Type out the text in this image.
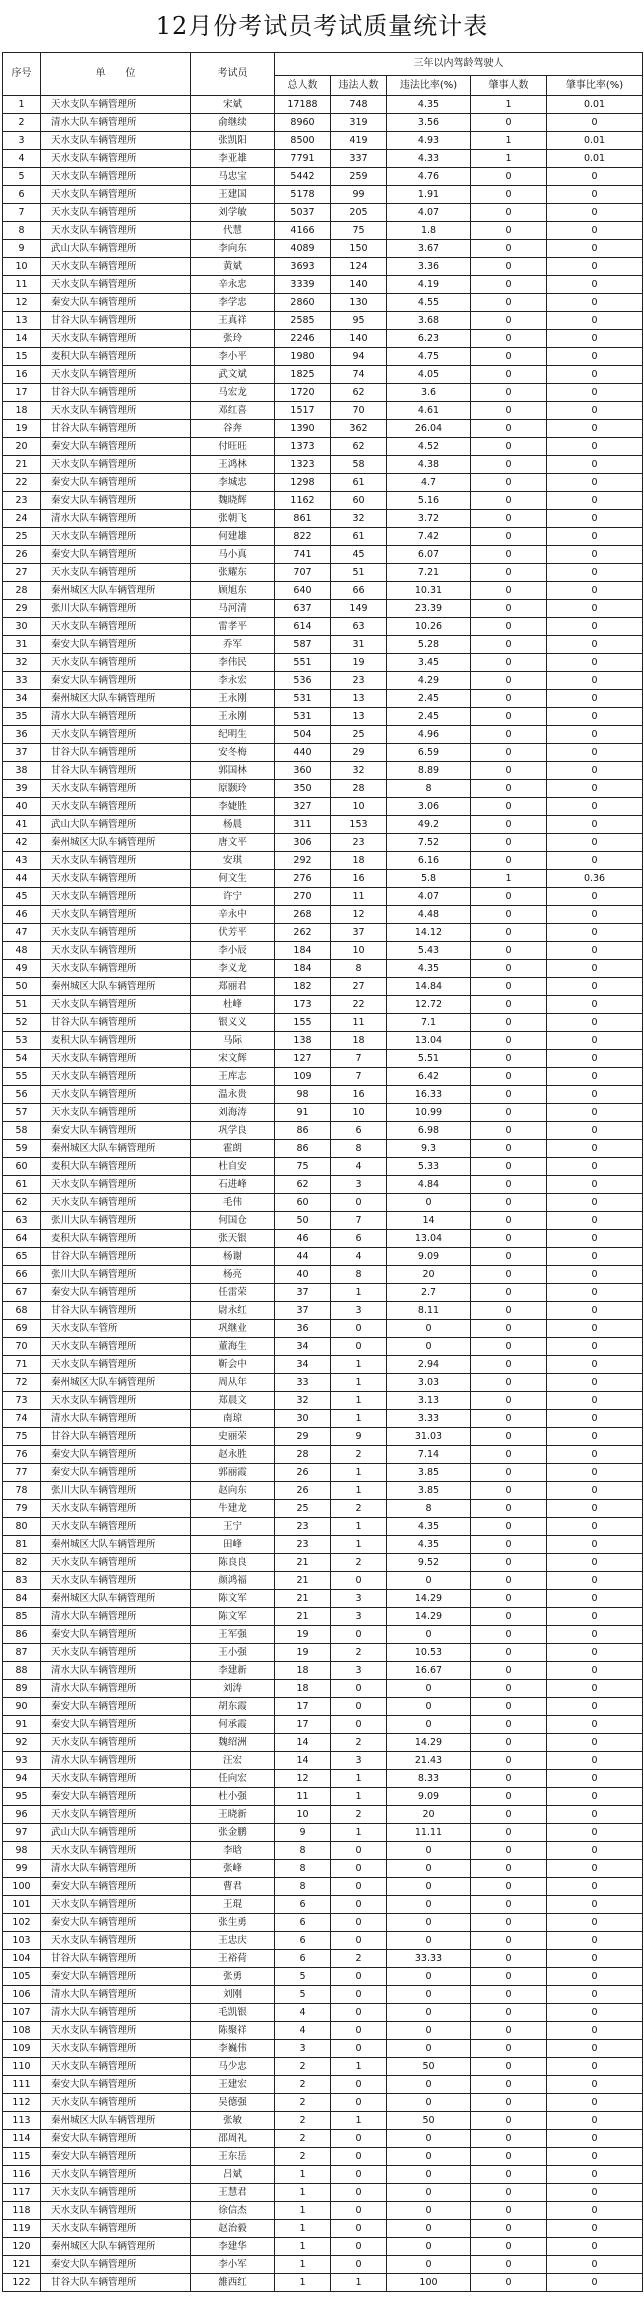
12月份考试员考试质量统计表
序号	单　　位	考试员	三年以内驾龄驾驶人				
			总人数	违法人数	违法比率(%)	肇事人数	肇事比率(%)
1	天水支队车辆管理所	宋斌	17188	748	4.35	1	0.01
2	清水大队车辆管理所	俞继续	8960	319	3.56	0	0
3	天水支队车辆管理所	张凯阳	8500	419	4.93	1	0.01
4	天水支队车辆管理所	李亚雄	7791	337	4.33	1	0.01
5	天水支队车辆管理所	马忠宝	5442	259	4.76	0	0
6	天水支队车辆管理所	王建国	5178	99	1.91	0	0
7	天水支队车辆管理所	刘学敏	5037	205	4.07	0	0
8	天水支队车辆管理所	代慧	4166	75	1.8	0	0
9	武山大队车辆管理所	李向东	4089	150	3.67	0	0
10	天水支队车辆管理所	黄斌	3693	124	3.36	0	0
11	天水支队车辆管理所	辛永忠	3339	140	4.19	0	0
12	秦安大队车辆管理所	李学忠	2860	130	4.55	0	0
13	甘谷大队车辆管理所	王真祥	2585	95	3.68	0	0
14	天水支队车辆管理所	张玲	2246	140	6.23	0	0
15	麦积大队车辆管理所	李小平	1980	94	4.75	0	0
16	天水支队车辆管理所	武文斌	1825	74	4.05	0	0
17	甘谷大队车辆管理所	马宏龙	1720	62	3.6	0	0
18	天水支队车辆管理所	邓红喜	1517	70	4.61	0	0
19	甘谷大队车辆管理所	谷奔	1390	362	26.04	0	0
20	秦安大队车辆管理所	付旺旺	1373	62	4.52	0	0
21	天水支队车辆管理所	王鸿林	1323	58	4.38	0	0
22	秦安大队车辆管理所	李城忠	1298	61	4.7	0	0
23	秦安大队车辆管理所	魏晓辉	1162	60	5.16	0	0
24	清水大队车辆管理所	张朝飞	861	32	3.72	0	0
25	天水支队车辆管理所	何建雄	822	61	7.42	0	0
26	秦安大队车辆管理所	马小真	741	45	6.07	0	0
27	天水支队车辆管理所	张耀东	707	51	7.21	0	0
28	秦州城区大队车辆管理所	顾旭东	640	66	10.31	0	0
29	张川大队车辆管理所	马河清	637	149	23.39	0	0
30	天水支队车辆管理所	雷孝平	614	63	10.26	0	0
31	秦安大队车辆管理所	乔军	587	31	5.28	0	0
32	天水支队车辆管理所	李伟民	551	19	3.45	0	0
33	秦安大队车辆管理所	李永宏	536	23	4.29	0	0
34	秦州城区大队车辆管理所	王永刚	531	13	2.45	0	0
35	清水大队车辆管理所	王永刚	531	13	2.45	0	0
36	天水支队车辆管理所	纪明生	504	25	4.96	0	0
37	甘谷大队车辆管理所	安冬梅	440	29	6.59	0	0
38	甘谷大队车辆管理所	郭国林	360	32	8.89	0	0
39	天水支队车辆管理所	原颢玲	350	28	8	0	0
40	天水支队车辆管理所	李婕胜	327	10	3.06	0	0
41	武山大队车辆管理所	杨晨	311	153	49.2	0	0
42	秦州城区大队车辆管理所	唐文平	306	23	7.52	0	0
43	天水支队车辆管理所	安琪	292	18	6.16	0	0
44	天水支队车辆管理所	何文生	276	16	5.8	1	0.36
45	天水支队车辆管理所	许宁	270	11	4.07	0	0
46	天水支队车辆管理所	辛永中	268	12	4.48	0	0
47	天水支队车辆管理所	伏芳平	262	37	14.12	0	0
48	天水支队车辆管理所	李小辰	184	10	5.43	0	0
49	天水支队车辆管理所	李义龙	184	8	4.35	0	0
50	秦州城区大队车辆管理所	郑丽君	182	27	14.84	0	0
51	天水支队车辆管理所	杜峰	173	22	12.72	0	0
52	甘谷大队车辆管理所	银义义	155	11	7.1	0	0
53	麦积大队车辆管理所	马际	138	18	13.04	0	0
54	天水支队车辆管理所	宋文辉	127	7	5.51	0	0
55	天水支队车辆管理所	王库志	109	7	6.42	0	0
56	天水支队车辆管理所	温永贵	98	16	16.33	0	0
57	天水支队车辆管理所	刘海涛	91	10	10.99	0	0
58	秦安大队车辆管理所	巩学良	86	6	6.98	0	0
59	秦州城区大队车辆管理所	霍朗	86	8	9.3	0	0
60	麦积大队车辆管理所	杜自安	75	4	5.33	0	0
61	天水支队车辆管理所	石进峰	62	3	4.84	0	0
62	天水支队车辆管理所	毛伟	60	0	0	0	0
63	张川大队车辆管理所	何国仓	50	7	14	0	0
64	麦积大队车辆管理所	张天银	46	6	13.04	0	0
65	甘谷大队车辆管理所	杨谢	44	4	9.09	0	0
66	张川大队车辆管理所	杨亮	40	8	20	0	0
67	秦安大队车辆管理所	任雷荣	37	1	2.7	0	0
68	甘谷大队车辆管理所	尉永红	37	3	8.11	0	0
69	天水支队车管所	巩继业	36	0	0	0	0
70	天水支队车辆管理所	董海生	34	0	0	0	0
71	天水支队车辆管理所	靳会中	34	1	2.94	0	0
72	秦州城区大队车辆管理所	周从年	33	1	3.03	0	0
73	天水支队车辆管理所	郑晨文	32	1	3.13	0	0
74	清水大队车辆管理所	南琼	30	1	3.33	0	0
75	甘谷大队车辆管理所	史丽荣	29	9	31.03	0	0
76	秦安大队车辆管理所	赵永胜	28	2	7.14	0	0
77	秦安大队车辆管理所	郭丽霞	26	1	3.85	0	0
78	张川大队车辆管理所	赵向东	26	1	3.85	0	0
79	天水支队车辆管理所	牛建龙	25	2	8	0	0
80	天水支队车辆管理所	王宁	23	1	4.35	0	0
81	秦州城区大队车辆管理所	田峰	23	1	4.35	0	0
82	天水支队车辆管理所	陈良良	21	2	9.52	0	0
83	天水支队车辆管理所	颜鸿福	21	0	0	0	0
84	秦州城区大队车辆管理所	陈文军	21	3	14.29	0	0
85	清水大队车辆管理所	陈文军	21	3	14.29	0	0
86	秦安大队车辆管理所	王军强	19	0	0	0	0
87	天水支队车辆管理所	王小强	19	2	10.53	0	0
88	清水大队车辆管理所	李建新	18	3	16.67	0	0
89	清水大队车辆管理所	刘涛	18	0	0	0	0
90	秦安大队车辆管理所	胡东霞	17	0	0	0	0
91	秦安大队车辆管理所	何承霞	17	0	0	0	0
92	天水支队车辆管理所	魏绍洲	14	2	14.29	0	0
93	清水大队车辆管理所	汪宏	14	3	21.43	0	0
94	天水支队车辆管理所	任向宏	12	1	8.33	0	0
95	秦安大队车辆管理所	杜小强	11	1	9.09	0	0
96	天水支队车辆管理所	王晓新	10	2	20	0	0
97	武山大队车辆管理所	张金鹏	9	1	11.11	0	0
98	天水支队车辆管理所	李晗	8	0	0	0	0
99	清水大队车辆管理所	张峰	8	0	0	0	0
100	秦安大队车辆管理所	曹君	8	0	0	0	0
101	天水支队车辆管理所	王琨	6	0	0	0	0
102	秦安大队车辆管理所	张生勇	6	0	0	0	0
103	天水支队车辆管理所	王忠庆	6	0	0	0	0
104	甘谷大队车辆管理所	王裕荷	6	2	33.33	0	0
105	秦安大队车辆管理所	张勇	5	0	0	0	0
106	清水大队车辆管理所	刘刚	5	0	0	0	0
107	清水大队车辆管理所	毛凯银	4	0	0	0	0
108	天水支队车辆管理所	陈聚祥	4	0	0	0	0
109	天水支队车辆管理所	李巍伟	3	0	0	0	0
110	天水支队车辆管理所	马少忠	2	1	50	0	0
111	秦安大队车辆管理所	王建宏	2	0	0	0	0
112	天水支队车辆管理所	吴德强	2	0	0	0	0
113	秦州城区大队车辆管理所	张敏	2	1	50	0	0
114	秦安大队车辆管理所	邵周礼	2	0	0	0	0
115	秦安大队车辆管理所	王东岳	2	0	0	0	0
116	天水支队车辆管理所	吕斌	1	0	0	0	0
117	天水支队车辆管理所	王慧君	1	0	0	0	0
118	天水支队车辆管理所	徐信杰	1	0	0	0	0
119	天水支队车辆管理所	赵治毅	1	0	0	0	0
120	秦州城区大队车辆管理所	李建华	1	0	0	0	0
121	秦安大队车辆管理所	李小军	1	0	0	0	0
122	甘谷大队车辆管理所	雒西红	1	1	100	0	0
